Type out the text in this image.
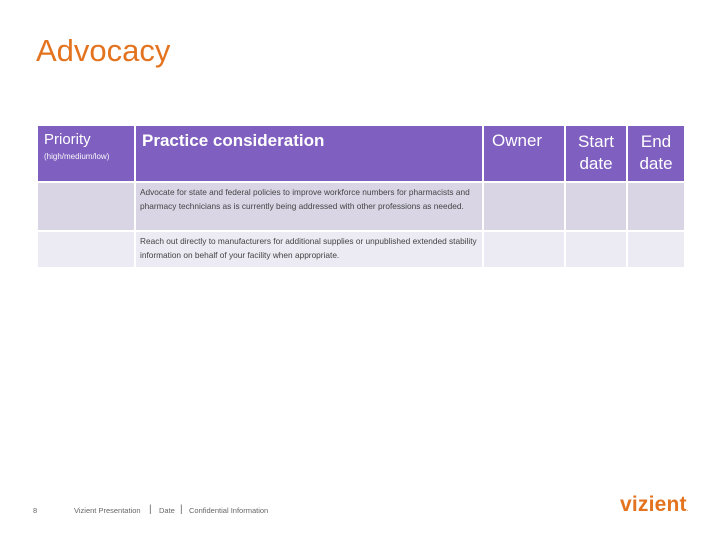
Advocacy
Priority
(high/medium/low)	Practice consideration	Owner	Start date	End date
	Advocate for state and federal policies to improve workforce numbers for pharmacists and pharmacy technicians as is currently being addressed with other professions as needed.			
	Reach out directly to manufacturers for additional supplies or unpublished extended stability information on behalf of your facility when appropriate.			
8	Vizient Presentation | Date | Confidential Information	vizient.
